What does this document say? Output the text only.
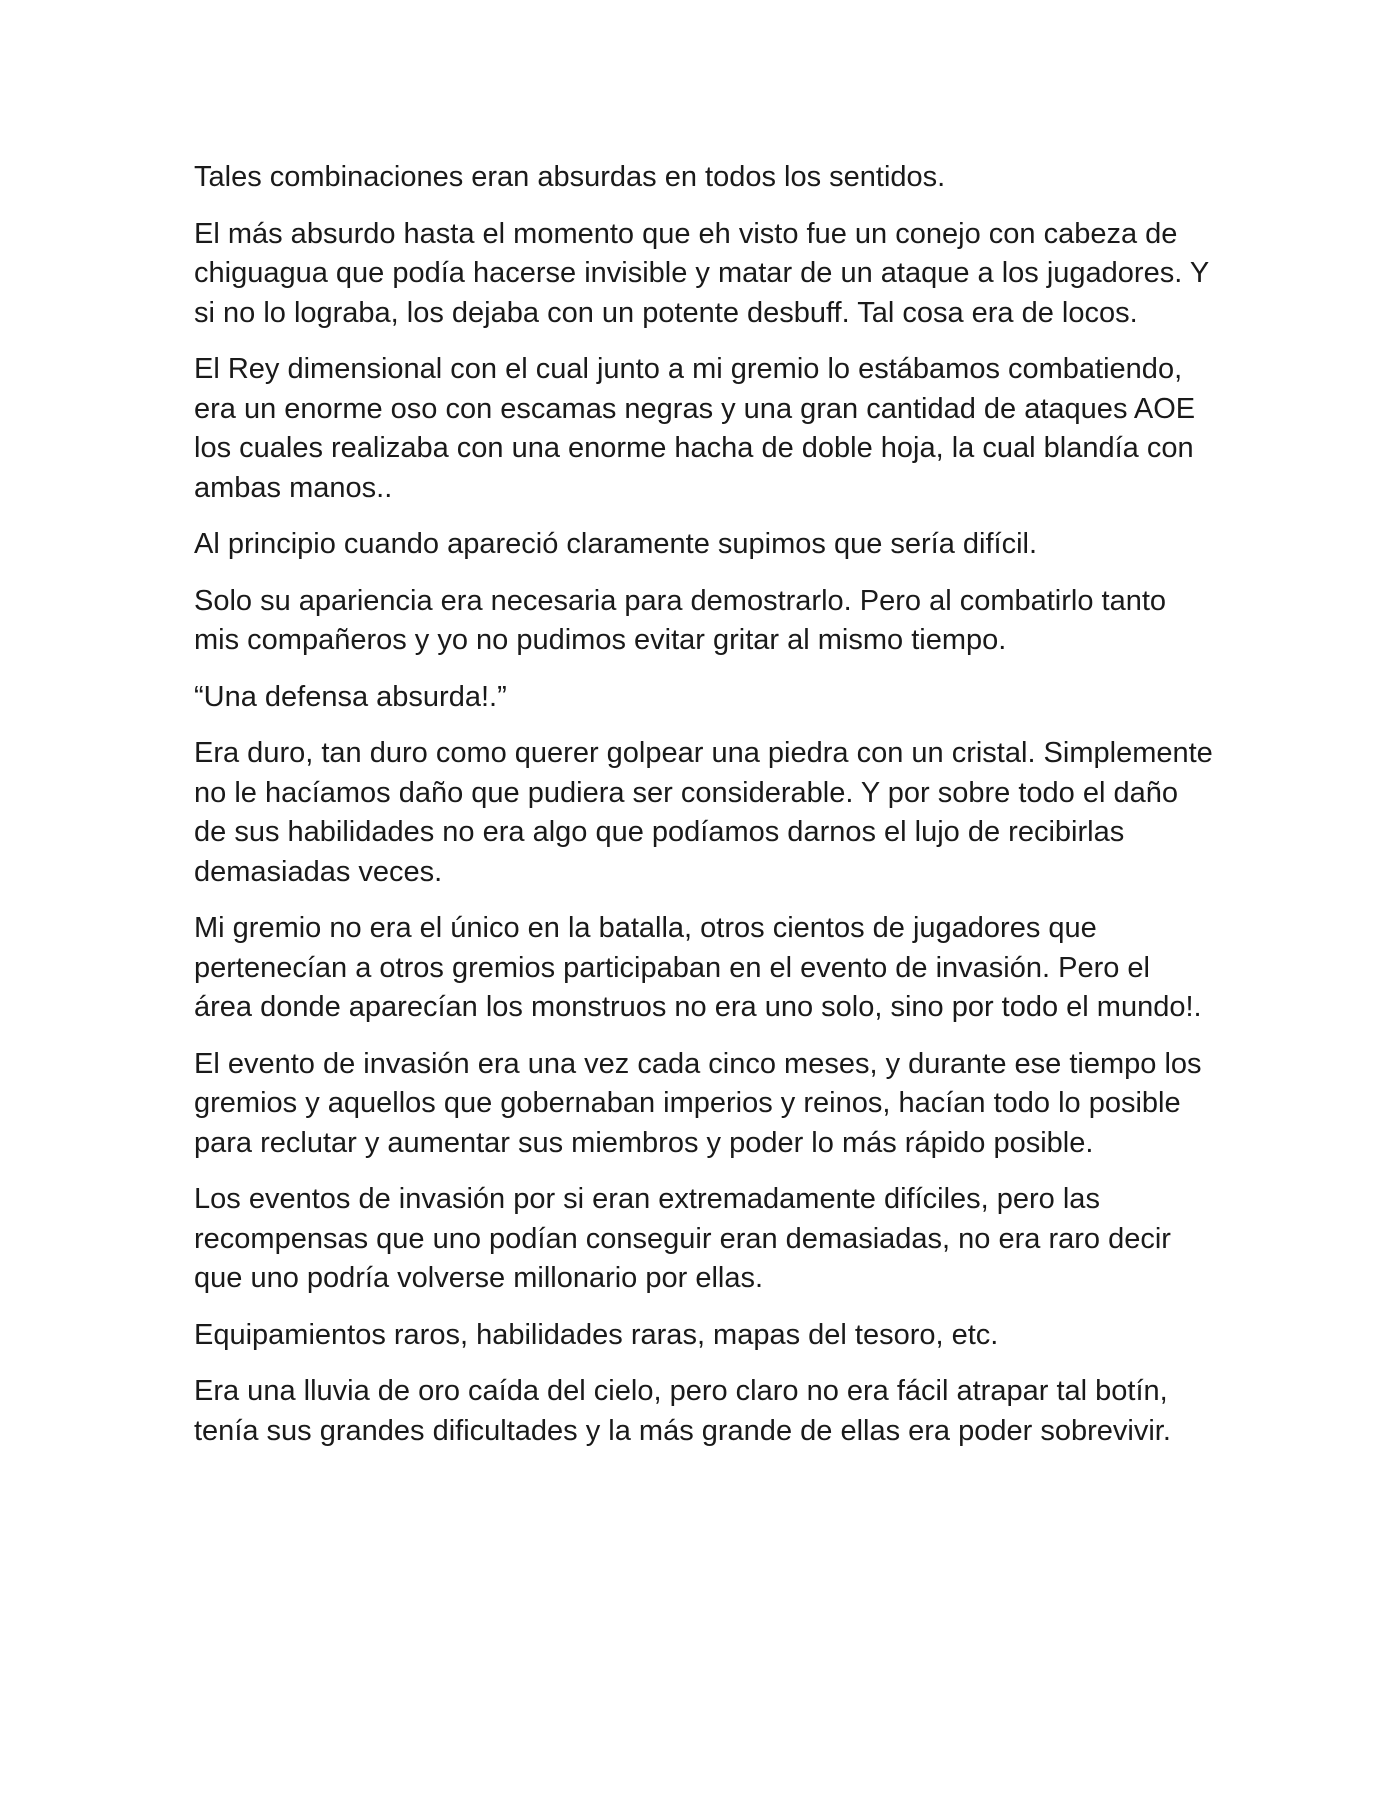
Tales combinaciones eran absurdas en todos los sentidos.

El más absurdo hasta el momento que eh visto fue un conejo con cabeza de chiguagua que podía hacerse invisible y matar de un ataque a los jugadores. Y si no lo lograba, los dejaba con un potente desbuff. Tal cosa era de locos.

El Rey dimensional con el cual junto a mi gremio lo estábamos combatiendo, era un enorme oso con escamas negras y una gran cantidad de ataques AOE los cuales realizaba con una enorme hacha de doble hoja, la cual blandía con ambas manos..

Al principio cuando apareció claramente supimos que sería difícil.

Solo su apariencia era necesaria para demostrarlo. Pero al combatirlo tanto mis compañeros y yo no pudimos evitar gritar al mismo tiempo.

“Una defensa absurda!.”

Era duro, tan duro como querer golpear una piedra con un cristal. Simplemente no le hacíamos daño que pudiera ser considerable. Y por sobre todo el daño de sus habilidades no era algo que podíamos darnos el lujo de recibirlas demasiadas veces.

Mi gremio no era el único en la batalla, otros cientos de jugadores que pertenecían a otros gremios participaban en el evento de invasión. Pero el área donde aparecían los monstruos no era uno solo, sino por todo el mundo!.

El evento de invasión era una vez cada cinco meses, y durante ese tiempo los gremios y aquellos que gobernaban imperios y reinos, hacían todo lo posible para reclutar y aumentar sus miembros y poder lo más rápido posible.

Los eventos de invasión por si eran extremadamente difíciles, pero las recompensas que uno podían conseguir eran demasiadas, no era raro decir que uno podría volverse millonario por ellas.

Equipamientos raros, habilidades raras, mapas del tesoro, etc.

Era una lluvia de oro caída del cielo, pero claro no era fácil atrapar tal botín, tenía sus grandes dificultades y la más grande de ellas era poder sobrevivir.
